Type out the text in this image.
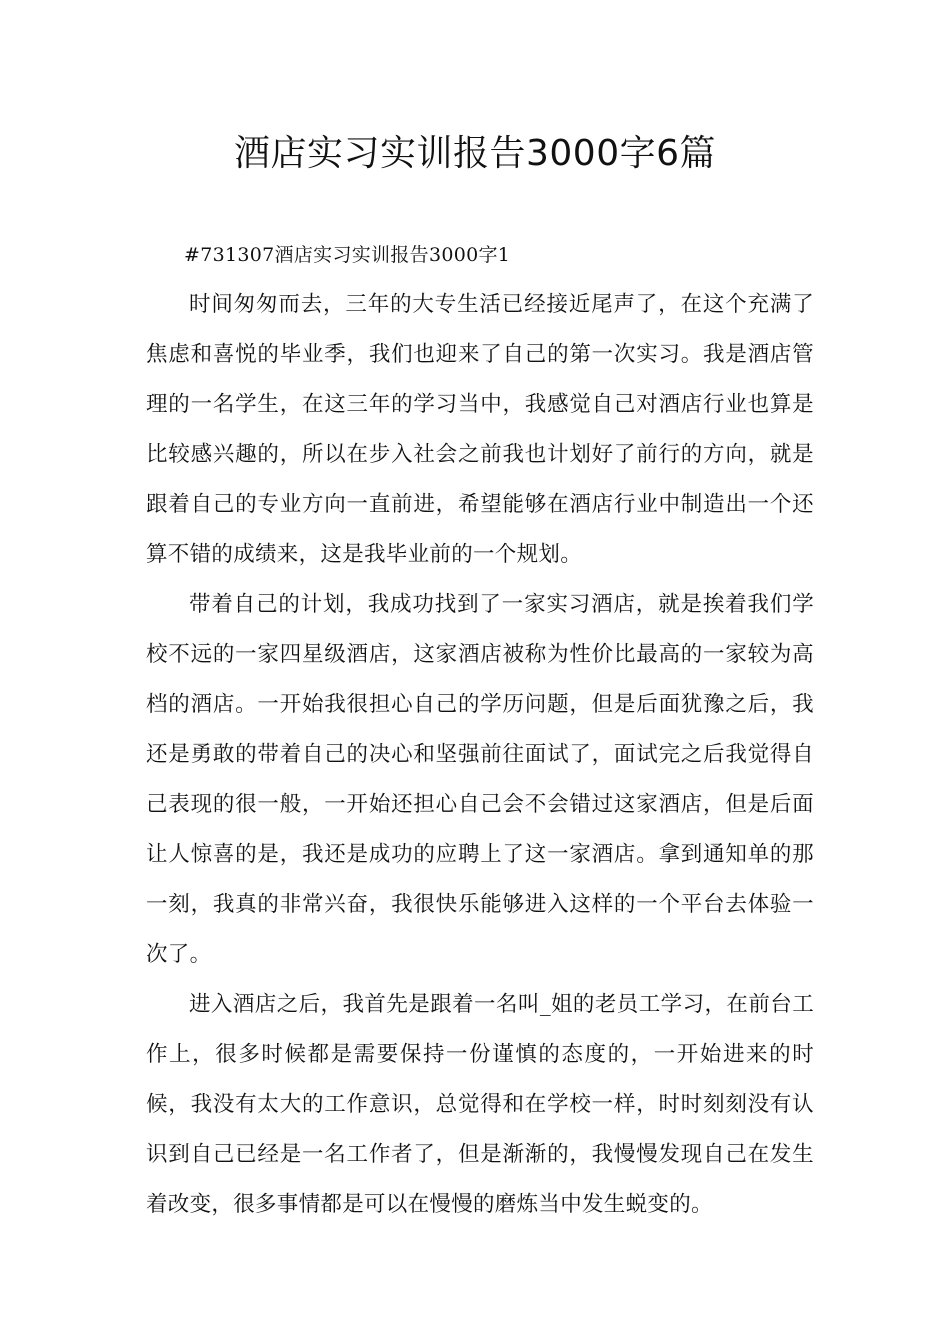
酒店实习实训报告3000字6篇

#731307酒店实习实训报告3000字1

时间匆匆而去，三年的大专生活已经接近尾声了，在这个充满了焦虑和喜悦的毕业季，我们也迎来了自己的第一次实习。我是酒店管理的一名学生，在这三年的学习当中，我感觉自己对酒店行业也算是比较感兴趣的，所以在步入社会之前我也计划好了前行的方向，就是跟着自己的专业方向一直前进，希望能够在酒店行业中制造出一个还算不错的成绩来，这是我毕业前的一个规划。

带着自己的计划，我成功找到了一家实习酒店，就是挨着我们学校不远的一家四星级酒店，这家酒店被称为性价比最高的一家较为高档的酒店。一开始我很担心自己的学历问题，但是后面犹豫之后，我还是勇敢的带着自己的决心和坚强前往面试了，面试完之后我觉得自己表现的很一般，一开始还担心自己会不会错过这家酒店，但是后面让人惊喜的是，我还是成功的应聘上了这一家酒店。拿到通知单的那一刻，我真的非常兴奋，我很快乐能够进入这样的一个平台去体验一次了。

进入酒店之后，我首先是跟着一名叫_姐的老员工学习，在前台工作上，很多时候都是需要保持一份谨慎的态度的，一开始进来的时候，我没有太大的工作意识，总觉得和在学校一样，时时刻刻没有认识到自己已经是一名工作者了，但是渐渐的，我慢慢发现自己在发生着改变，很多事情都是可以在慢慢的磨炼当中发生蜕变的。
